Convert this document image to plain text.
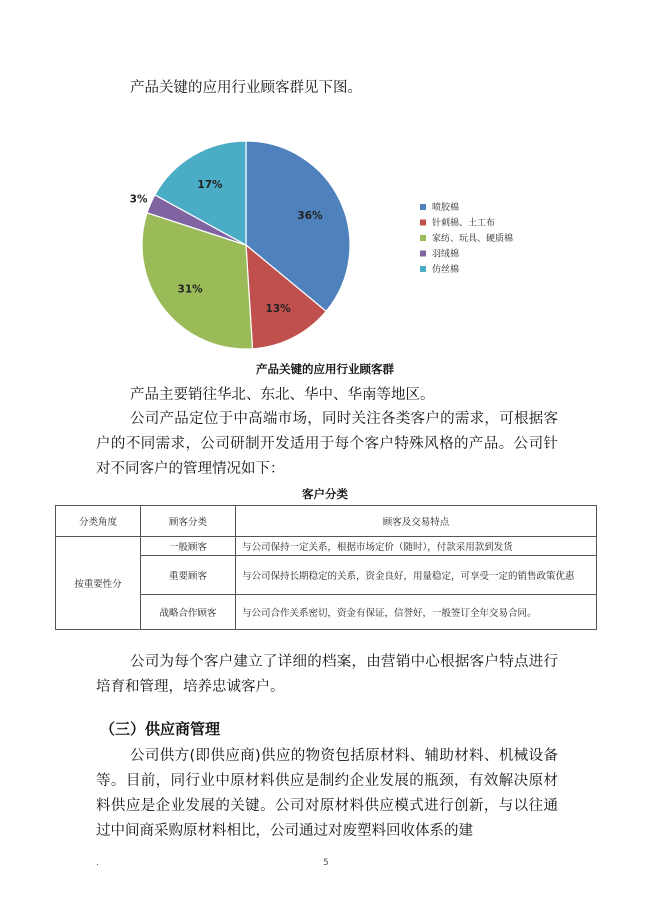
产品关键的应用行业顾客群见下图。
36%
13%
31%
3%
17%
喷胶棉
针刺棉、土工布
家纺、玩具、硬质棉
羽绒棉
仿丝棉
产品关键的应用行业顾客群
产品主要销往华北、东北、华中、华南等地区。
公司产品定位于中高端市场，同时关注各类客户的需求，可根据客户的不同需求，公司研制开发适用于每个客户特殊风格的产品。公司针对不同客户的管理情况如下：
客户分类
分类角度	顾客分类	顾客及交易特点
按重要性分	一般顾客	与公司保持一定关系，根据市场定价（随时），付款采用款到发货
	重要顾客	与公司保持长期稳定的关系，资金良好，用量稳定，可享受一定的销售政策优惠
	战略合作顾客	与公司合作关系密切，资金有保证，信誉好，一般签订全年交易合同。
公司为每个客户建立了详细的档案，由营销中心根据客户特点进行培育和管理，培养忠诚客户。
（三）供应商管理
公司供方(即供应商)供应的物资包括原材料、辅助材料、机械设备等。目前，同行业中原材料供应是制约企业发展的瓶颈，有效解决原材料供应是企业发展的关键。公司对原材料供应模式进行创新，与以往通过中间商采购原材料相比，公司通过对废塑料回收体系的建
.	5
